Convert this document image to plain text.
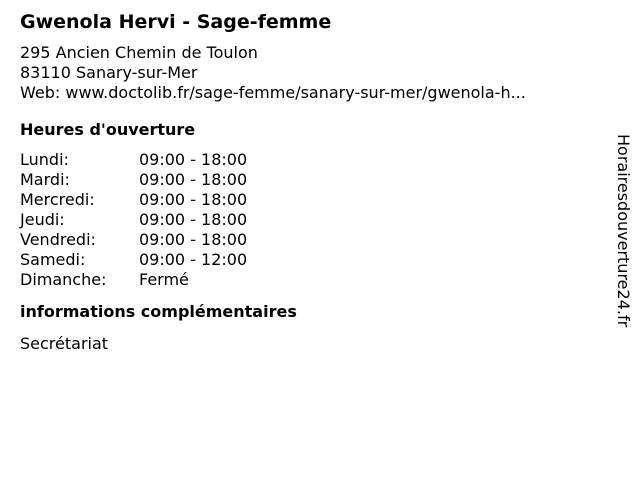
Gwenola Hervi - Sage-femme
295 Ancien Chemin de Toulon
83110 Sanary-sur-Mer
Web: www.doctolib.fr/sage-femme/sanary-sur-mer/gwenola-h...
Heures d'ouverture
Lundi:	09:00 - 18:00
Mardi:	09:00 - 18:00
Mercredi:	09:00 - 18:00
Jeudi:	09:00 - 18:00
Vendredi:	09:00 - 18:00
Samedi:	09:00 - 12:00
Dimanche:	Fermé
informations complémentaires
Secrétariat
Horairesdouverture24.fr
